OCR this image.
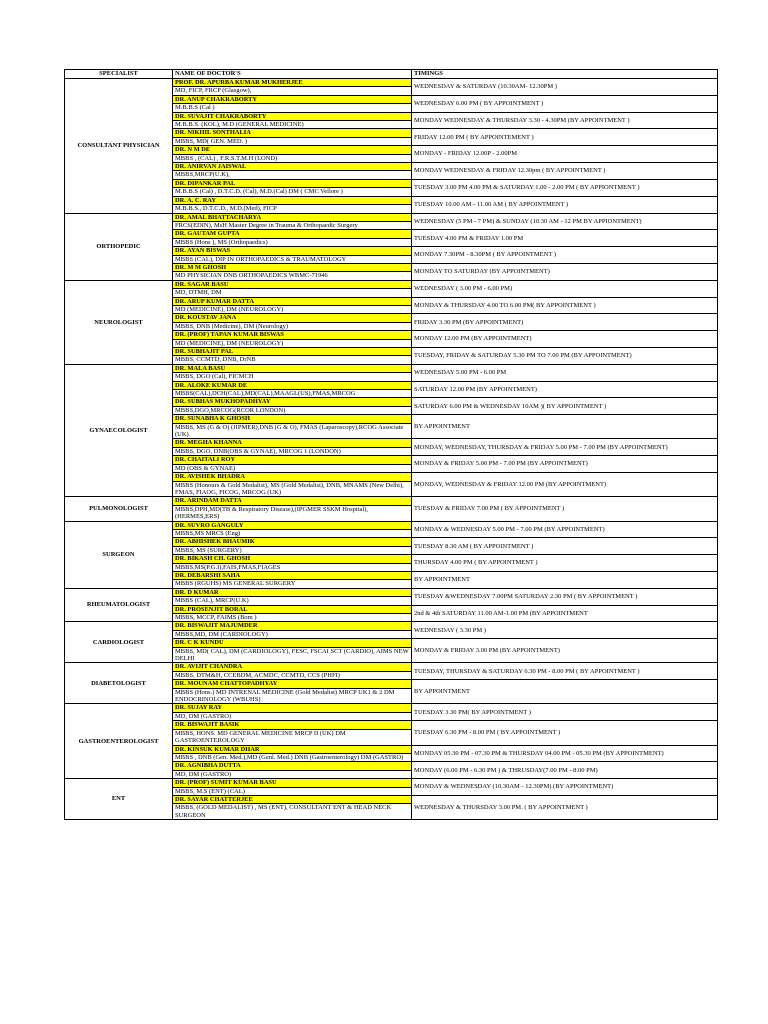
SPECIALIST	NAME OF DOCTOR'S	TIMINGS
CONSULTANT PHYSICIAN	PROF. DR. APURBA KUMAR MUKHERJEE
MD, FICP, FRCP (Glasgow),	WEDNESDAY & SATURDAY (10.30AM- 12.30PM )

	DR. ANUP CHAKRABORTY
M.B.B.S (Cal )	WEDNESDAY 6.00 PM ( BY APPOINTMENT )

	DR. SUVAJIT CHAKRABORTY
M.B.B.S. (KOL), M.D (GENERAL MEDICINE)	MONDAY WEDNESDAY & THURSDAY 3.30 - 4.30PM (BY APPOINTMENT )

	DR. NIKHIL SONTHALIA
MBBS, MD( GEN. MED. )	FRIDAY 12.00 PM ( BY APPOINTEMENT )

	DR. N M DE
MBBS , (CAL) , F.R.S.T.M.H (LOND)	MONDAY - FRIDAY 12.00P - 2.00PM

	DR. ANIRVAN JAISWAL
MBBS,MRCP(U.K),	MONDAY WEDNESDAY & FRIDAY 12.30pm ( BY APPOINTMENT )

	DR. DIPANKAR PAL
M.B.B.S (Cal) , D.T.C.D. (Cal), M.D.(Cal) DM ( CMC Vellore )	TUESDAY 3.00 PM 4.00 PM & SATURDAY 1.00 - 2.00 PM ( BY APPIONTMENT )

	DR. A. C. RAY
M.B.B.S., D.T.C.D., M.D.(Med), FICP	TUESDAY 10.00 AM - 11.00 AM ( BY APPOINTMENT )
ORTHOPEDIC	DR. AMAL BHATTACHARYA
FRCS(EDIN), MsH Master Degree in Trauma & Orthopaedic Surgery	WEDNESDAY (5 PM - 7 PM) & SUNDAY (10.30 AM - 12 PM BY APPIONTMENT)

	DR. GAUTAM GUPTA
MBBS (Hons ), MS (Orthopaedics)	TUESDAY 4.00 PM & FRIDAY 1.00 PM

	DR. AYAN BISWAS
MBBS (CAL), DIP IN ORTHOPAEDICS & TRAUMATOLOGY	MONDAY 7.30PM - 8.30PM ( BY APPOINTMENT )

	DR. M M GHOSH
MD PHYSICIAN DNB ORTHOPAEDICS WBMC-71946	MONDAY TO SATURDAY (BY APPOINTMENT)
NEUROLOGIST	DR. SAGAR BASU
MD, DTMH, DM	WEDNESDAY ( 3.00 PM - 6.00 PM)

	DR. ARUP KUMAR DATTA
MD (MEDICINE), DM (NEUROLOGY)	MONDAY & THURSDAY 4.00 TO 6.00 PM( BY APPOINTMENT )

	DR. KOUSTAV JANA
MBBS, DNB (Medicine), DM (Neurology)	FRIDAY 3.30 PM (BY APPOINTMENT)

	DR. (PROF) TAPAN KUMAR BISWAS
MD (MEDICINE), DM (NEUROLOGY)	MONDAY 12.00 PM (BY APPOINTMENT)

	DR. SUBHAJIT PAL
MBBS, CCMTD, DNB, DrNB	TUESDAY, FRIDAY & SATURDAY 5.30 PM TO 7.00 PM (BY APPOINTMENT)
GYNAECOLOGIST	DR. MALA BASU
MBBS, DGO (Cal), FICMCH	WEDNESDAY 5.00 PM - 6.00 PM

	DR. ALOKE KUMAR DE
MBBS(CAL),DCH(CAL),MD(CAL),MAAGL(US),FMAS,MRCOG	SATURDAY 12.00 PM (BY APPOINTMENT)

	DR. SUBHAS MUKHOPADHYAY
MBBS,DGO,MRCOG(RCOR LONDON)	SATURDAY 6.00 PM & WEDNESDAY 10AM )( BY APPOINTMENT )

	DR. SUNABHA K GHOSH
MBBS, MS (G & O) (JIPMER),DNB (G & O), FMAS (Laparoscopy),RCOG Associate (UK)	BY APPOINTMENT

	DR. MEGHA KHANNA
MBBS, DGO, DNB(OBS & GYNAE), MRCOG 1 (LONDON)	MONDAY, WEDNESDAY, THURSDAY & FRIDAY 5.00 PM - 7.00 PM (BY APPOINTMENT)

	DR. CHAITALI ROY
MD (OBS & GYNAE)	MONDAY & FRIDAY 5.00 PM - 7.00 PM (BY APPOINTMENT)

	DR. AVISHEK BHADRA
MBBS (Honours & Gold Medalist), MS (Gold Medalist), DNB, MNAMS (New Delhi), FMAS, FIAOG, FICOG, MRCOG (UK)	MONDAY, WEDNESDAY & FRIDAY 12.00 PM (BY APPOINTMENT)
PULMONOLOGIST	DR. ARINDAM DATTA
MBBS,DPH,MD(TB & Respiratory Disease),(IPGMER SSKM Hospital),(HERMES,ERS)	TUESDAY & FRIDAY 7.00 PM ( BY APPOINTMENT )
SURGEON	DR. SUVRO GANGULY
MBBS,MS MRCS (Eng)	MONDAY & WEDNESDAY 5.00 PM - 7.00 PM (BY APPOINTMENT)

	DR. ABHISHEK BHAUMIK
MBBS, MS (SURGERY)	TUESDAY 8.30 AM ( BY APPOINTMENT )

	DR. BIKASH CH. GHOSH
MBBS,MS(P.G.I),FAIS,FMAS,FIAGES	THURSDAY 4.00 PM ( BY APPOINTMENT )

	DR. DEBARSHI SAHA
MBBS (RGUHS) MS GENERAL SURGERY	BY APPOINTMENT
RHEUMATOLOGIST	DR. D KUMAR
MBBS (CAL), MRCP(U.K)	TUESDAY &WEDNESDAY 7.00PM SATURDAY 2.30 PM ( BY APPOINTMENT )

	DR. PROSENJIT BORAL
MBBS, MCCP, FAIMS (Bom )	2nd & 4th SATURDAY 11.00 AM-1.00 PM (BY APPOINTMENT
CARDIOLOGIST	DR. BISWAJIT MAJUMDER
MBBS,MD, DM (CARDIOLOGY)	WEDNESDAY ( 3.30 PM )

	DR. C K KUNDU
MBBS, MD( CAL), DM (CARDIOLOGY), FESC, FSCAI SCT (CARDIO), AIMS NEW DELHI	MONDAY & FRIDAY 3.00 PM (BY APPOINTMENT)
DIABETOLOGIST	DR. AVIJIT CHANDRA
MBBS, DTM&H, CCEBDM, ACMDC, CCMTD, CCS (PHFI)	TUESDAY, THURSDAY & SATURDAY 6.30 PM - 8.00 PM ( BY APPOINTMENT )

	DR. MOUNAM CHATTOPADHYAY
MBBS (Hons.) MD INTRENAL MEDICINE (Gold Medalist) MRCP UK1 & 2 DM ENDOCRINOLOGY (WBUHS)	BY APPOINTMENT
GASTROENTEROLOGIST	DR. SUJAY RAY
MD, DM (GASTRO)	TUESDAY 3.30 PM( BY APPOINTMENT )

	DR. BISWAJIT BASIK
MBBS, HONS. MD GENERAL MEDICINE MRCP II (UK) DM GASTROENTEROLOGY	TUESDAY 6.30 PM - 8.00 PM ( BY APPOINTMENT )

	DR. KINSUK KUMAR DHAR
MBBS , DNB (Gen. Med.),MD (Genl. Med.) DNB (Gastroenterology) DM (GASTRO)	MONDAY 05.30 PM - 07.30 PM & THURSDAY 04.00 PM - 05.30 PM (BY APPOINTMENT)

	DR. AGNIBHA DUTTA
MD, DM (GASTRO)	MONDAY (6.00 PM - 6.30 PM ) & THRUSDAY(7.00 PM - 8.00 PM)
ENT	DR. (PROF) SUMIT KUMAR BASU
MBBS, M.S (ENT) (CAL)	MONDAY & WEDNESDAY (10.30AM - 12.30PM) (BY APPOINTMENT)

	DR. SAYAR CHATTERJEE
MBBS, (GOLD MEDALIST) , MS (ENT), CONSULTANT ENT & HEAD NECK SURGEON	WEDNESDAY & THURSDAY 3.00 PM. ( BY APPOINTMENT )
